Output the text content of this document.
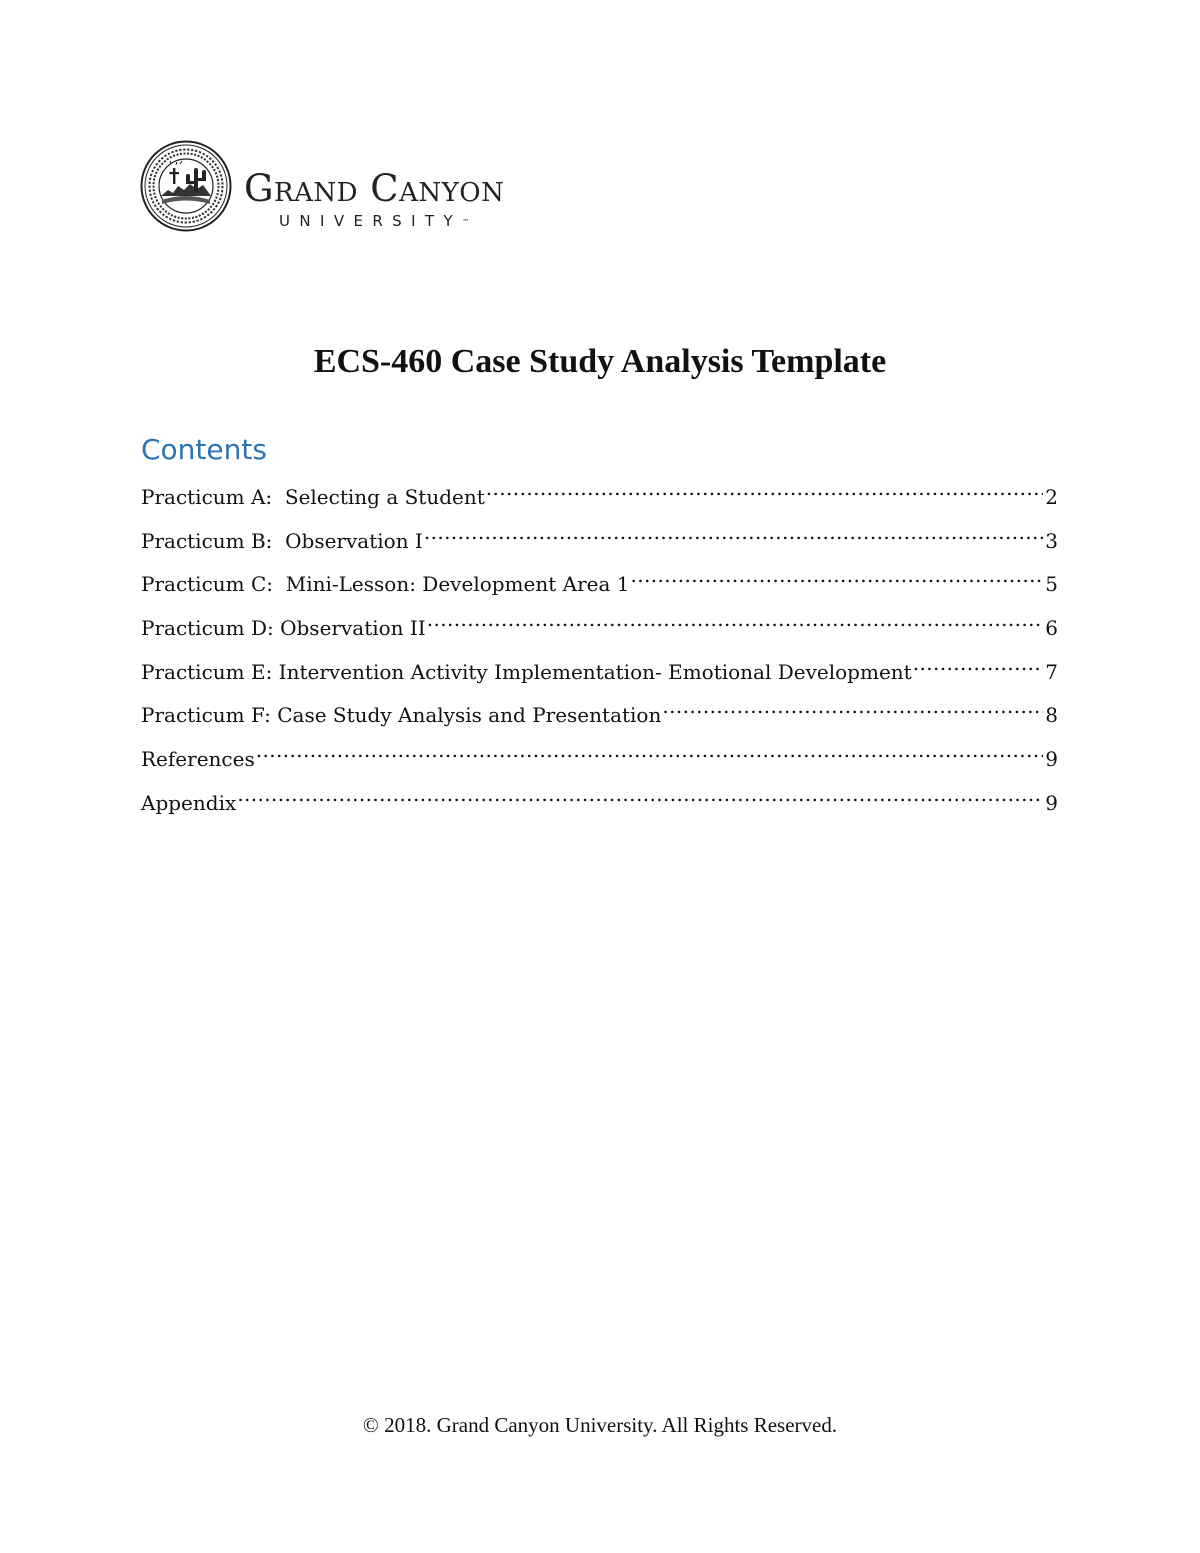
Grand Canyon
UNIVERSITY™
ECS-460 Case Study Analysis Template
Contents
Practicum A:  Selecting a Student .....	2
Practicum B:  Observation I .....	3
Practicum C:  Mini-Lesson: Development Area 1 .....	5
Practicum D: Observation II .....	6
Practicum E: Intervention Activity Implementation- Emotional Development .....	7
Practicum F: Case Study Analysis and Presentation .....	8
References .....	9
Appendix .....	9
© 2018. Grand Canyon University. All Rights Reserved.
